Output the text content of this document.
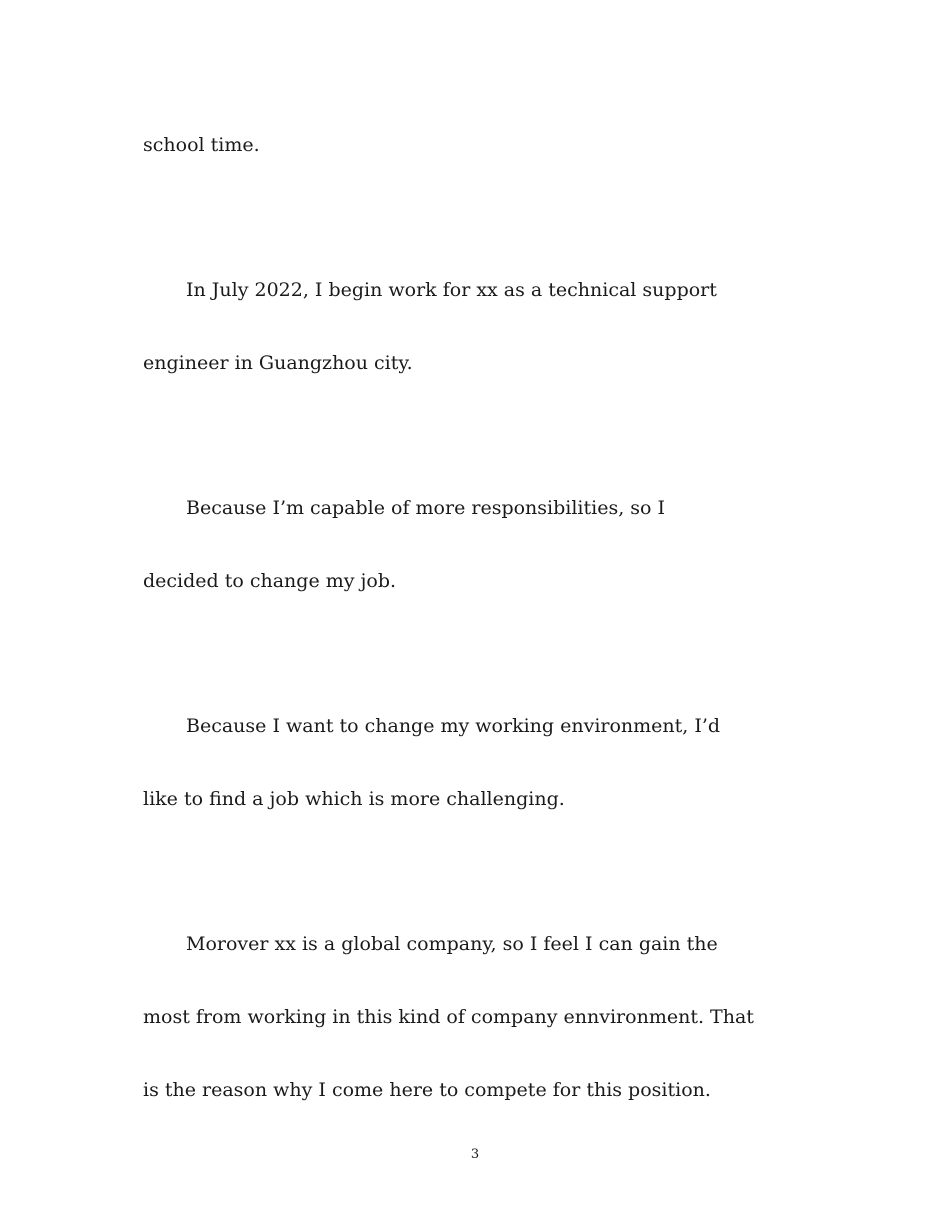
school time.
In July 2022, I begin work for xx as a technical support
engineer in Guangzhou city.
Because I’m capable of more responsibilities, so I
decided to change my job.
Because I want to change my working environment, I’d
like to find a job which is more challenging.
Morover xx is a global company, so I feel I can gain the
most from working in this kind of company ennvironment. That
is the reason why I come here to compete for this position.
3
